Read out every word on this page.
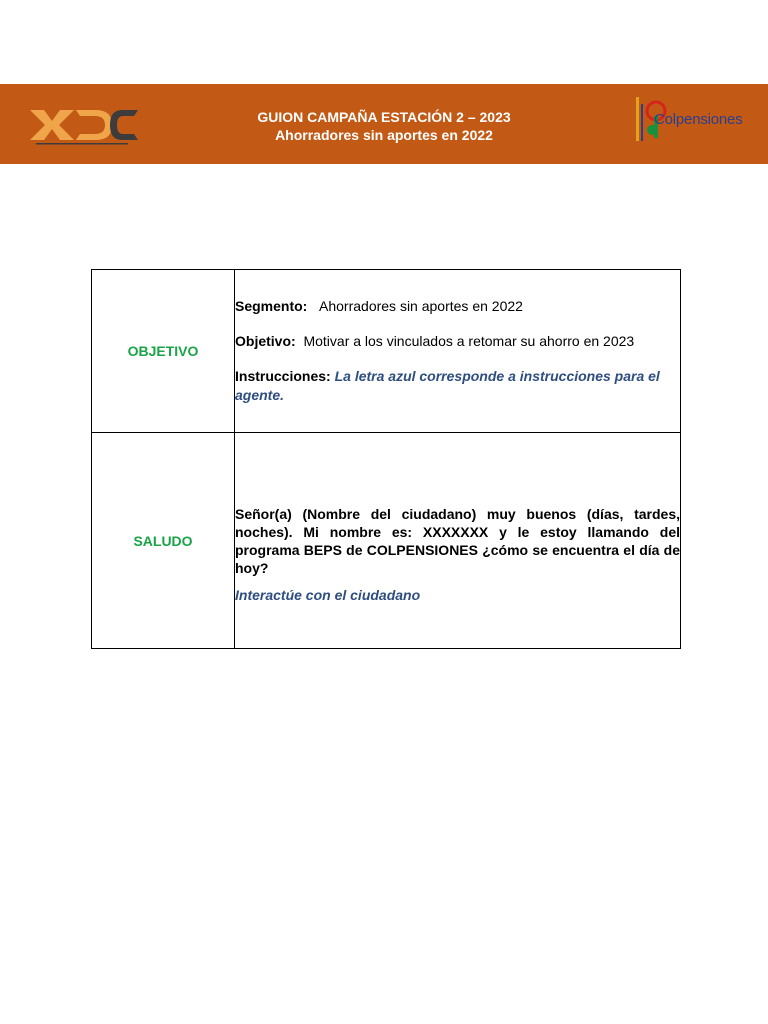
GUION CAMPAÑA ESTACIÓN 2 – 2023
Ahorradores sin aportes en 2022
Colpensiones
OBJETIVO	Segmento: Ahorradores sin aportes en 2022

Objetivo: Motivar a los vinculados a retomar su ahorro en 2023

Instrucciones: La letra azul corresponde a instrucciones para el agente.

SALUDO	Señor(a) (Nombre del ciudadano) muy buenos (días, tardes, noches). Mi nombre es: XXXXXXX y le estoy llamando del programa BEPS de COLPENSIONES ¿cómo se encuentra el día de hoy?

Interactúe con el ciudadano
